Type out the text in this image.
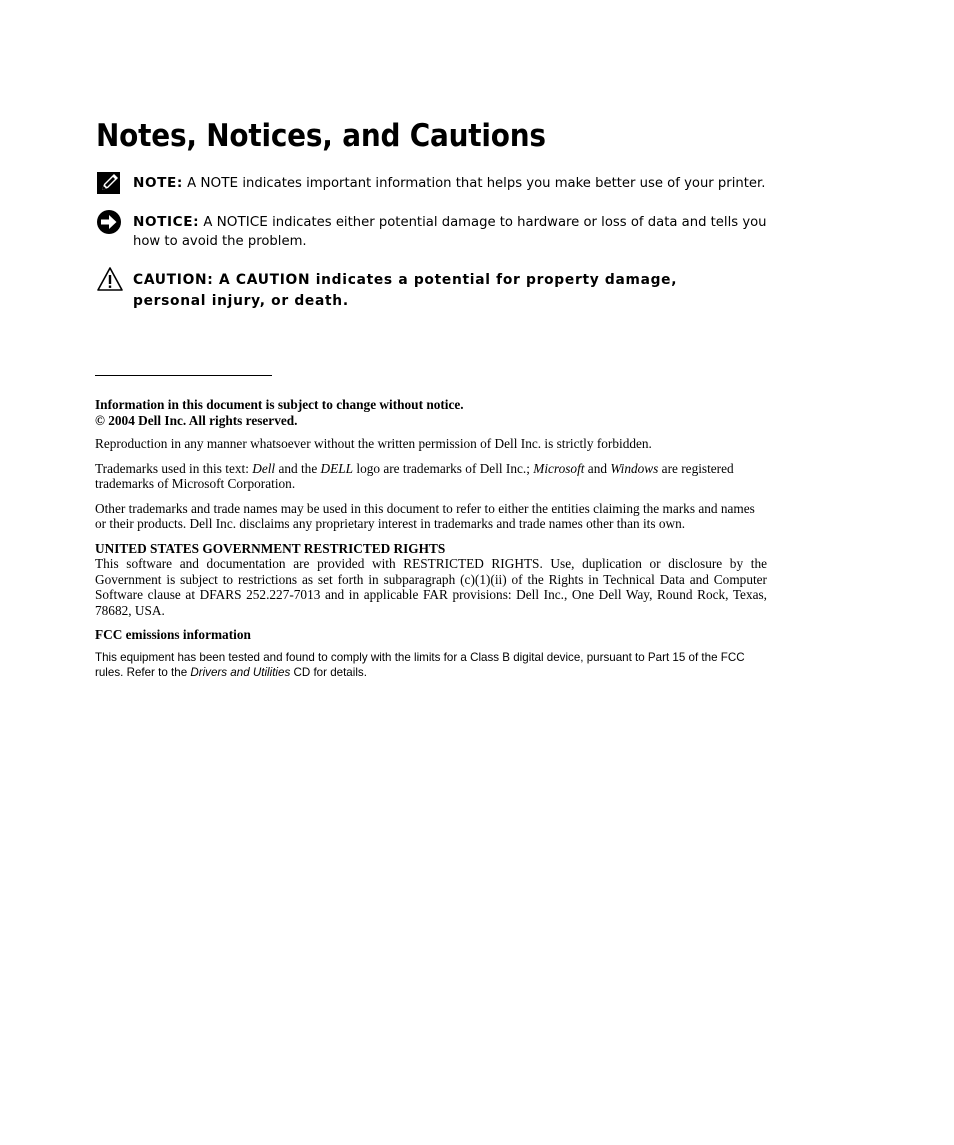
Notes, Notices, and Cautions
NOTE: A NOTE indicates important information that helps you make better use of your printer.
NOTICE: A NOTICE indicates either potential damage to hardware or loss of data and tells you how to avoid the problem.
CAUTION: A CAUTION indicates a potential for property damage, personal injury, or death.

Information in this document is subject to change without notice.
© 2004 Dell Inc. All rights reserved.

Reproduction in any manner whatsoever without the written permission of Dell Inc. is strictly forbidden.

Trademarks used in this text: Dell and the DELL logo are trademarks of Dell Inc.; Microsoft and Windows are registered trademarks of Microsoft Corporation.

Other trademarks and trade names may be used in this document to refer to either the entities claiming the marks and names or their products. Dell Inc. disclaims any proprietary interest in trademarks and trade names other than its own.

UNITED STATES GOVERNMENT RESTRICTED RIGHTS
This software and documentation are provided with RESTRICTED RIGHTS. Use, duplication or disclosure by the Government is subject to restrictions as set forth in subparagraph (c)(1)(ii) of the Rights in Technical Data and Computer Software clause at DFARS 252.227-7013 and in applicable FAR provisions: Dell Inc., One Dell Way, Round Rock, Texas, 78682, USA.

FCC emissions information

This equipment has been tested and found to comply with the limits for a Class B digital device, pursuant to Part 15 of the FCC rules. Refer to the Drivers and Utilities CD for details.
